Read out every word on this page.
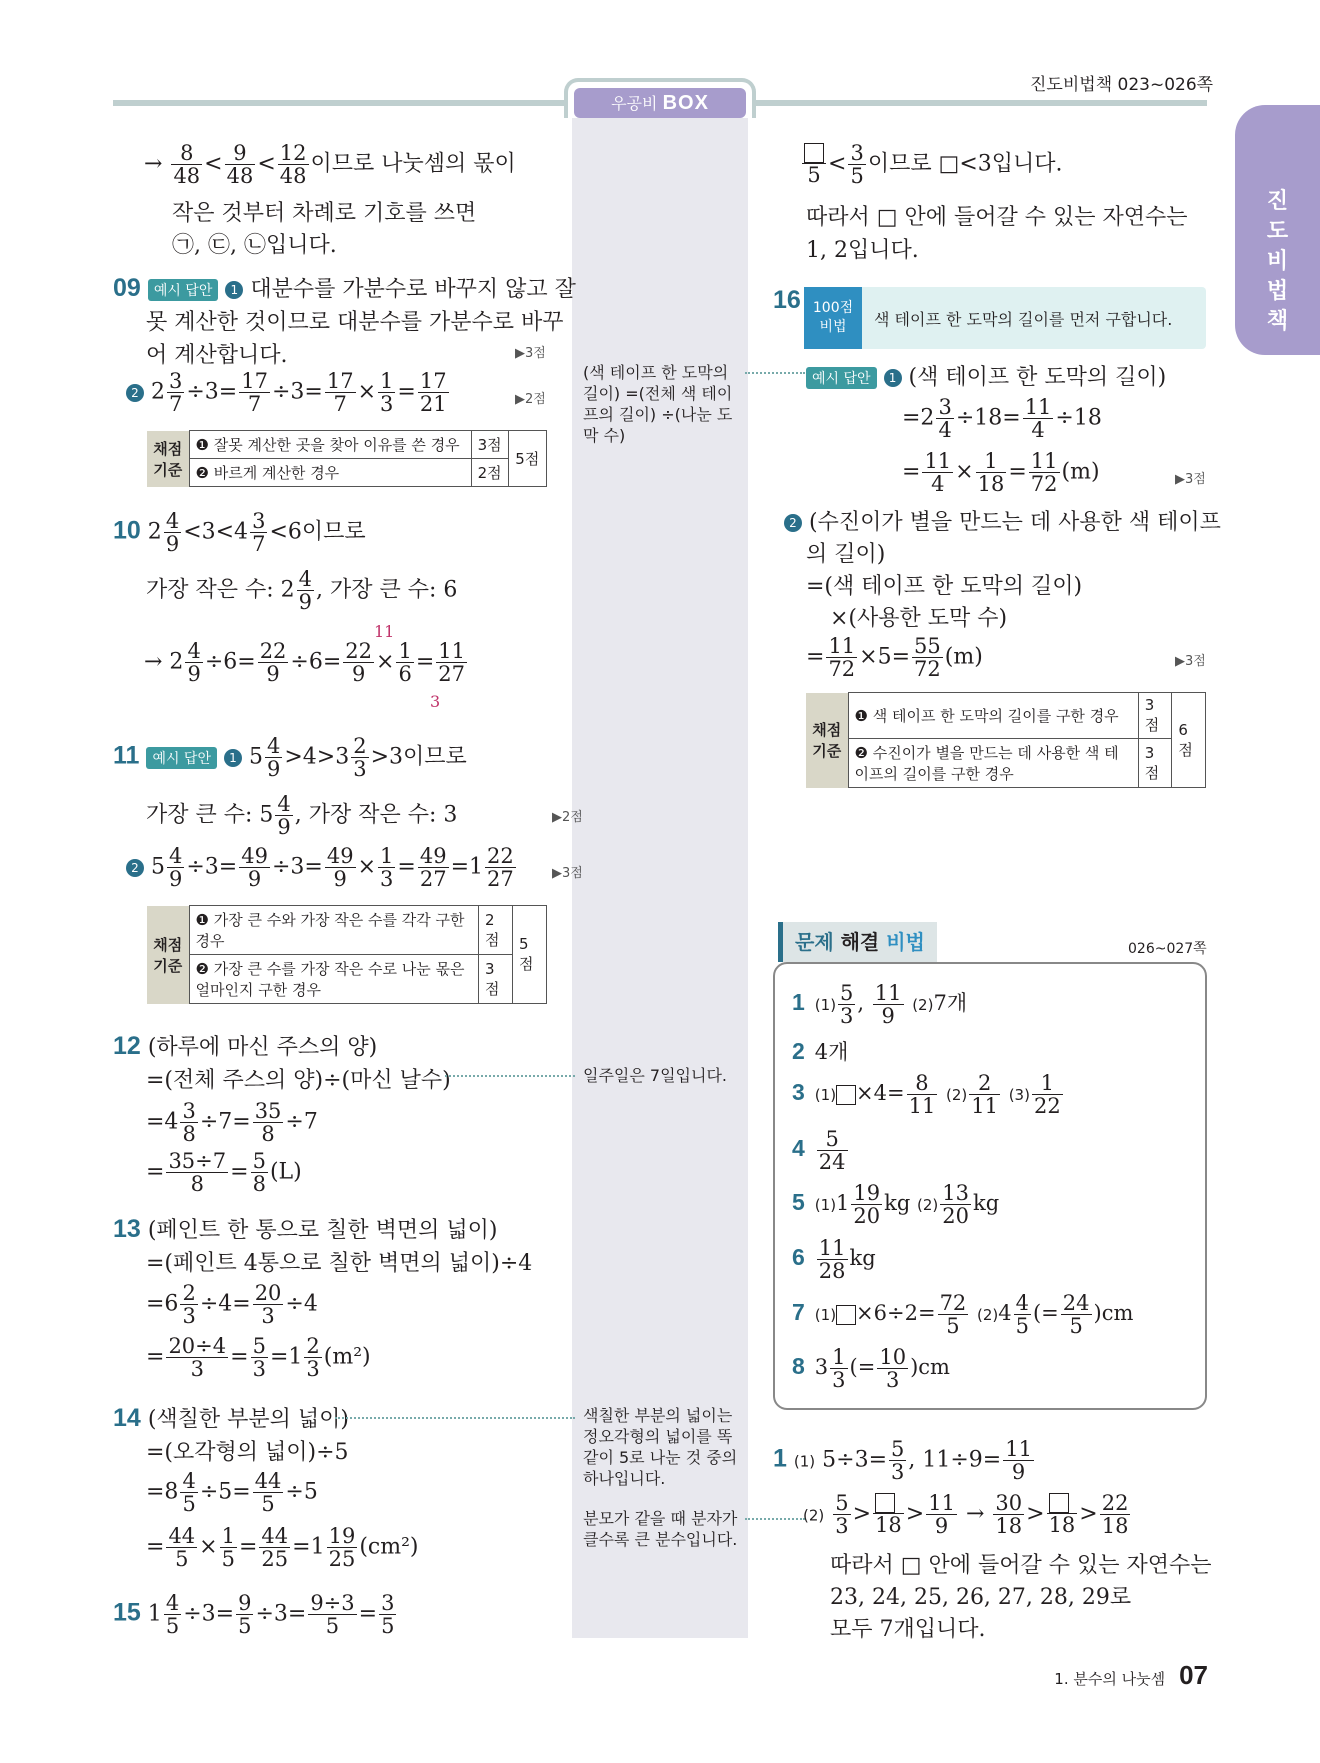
진도비법책 023~026쪽
우공비 BOX
진
도
비
법
책
→ $\frac{8}{48} < \frac{9}{48} < \frac{12}{48}$ 이므로 나눗셈의 몫이
작은 것부터 차례로 기호를 쓰면
㉠, ㉢, ㉡입니다.
09 예시 답안 1 대분수를 가분수로 바꾸지 않고 잘
못 계산한 것이므로 대분수를 가분수로 바꾸
어 계산합니다.	▶3점
2 $2 \frac{3}{7} \div 3= \frac{17}{7} \div 3= \frac{17}{7} \times \frac{1}{3} = \frac{17}{21}$	▶2점
채점 기준	❶ 잘못 계산한 곳을 찾아 이유를 쓴 경우	3점	5점
	❷ 바르게 계산한 경우	2점	
10 $2 \frac{4}{9} <3<4 \frac{3}{7} <6$이므로
가장 작은 수: $2 \frac{4}{9}$ , 가장 큰 수: 6
11
→ $2 \frac{4}{9} \div 6= \frac{22}{9} \div 6= \frac{22}{9} \times \frac{1}{6} = \frac{11}{27}$
3
11 예시 답안 1 $5 \frac{4}{9} >4>3 \frac{2}{3} >3$이므로
가장 큰 수: $5 \frac{4}{9}$ , 가장 작은 수: 3	▶2점
2 $5 \frac{4}{9} \div 3= \frac{49}{9} \div 3= \frac{49}{9} \times \frac{1}{3} = \frac{49}{27} =1 \frac{22}{27}$	▶3점
채점 기준	❶ 가장 큰 수와 가장 작은 수를 각각 구한 경우	2점	5점
	❷ 가장 큰 수를 가장 작은 수로 나눈 몫은 얼마인지 구한 경우	3점	
12 (하루에 마신 주스의 양)
=(전체 주스의 양)÷(마신 날수)
$=4 \frac{3}{8} \div 7= \frac{35}{8} \div 7$
= $\frac{35\div 7}{8} = \frac{5}{8} (L)$
13 (페인트 한 통으로 칠한 벽면의 넓이)
=(페인트 4통으로 칠한 벽면의 넓이)÷4
$=6 \frac{2}{3} \div 4= \frac{20}{3} \div 4$
= $\frac{20\div 4}{3} = \frac{5}{3} =1 \frac{2}{3} (m^2)$
14 (색칠한 부분의 넓이)
=(오각형의 넓이)÷5
$=8 \frac{4}{5} \div 5= \frac{44}{5} \div 5$
= $\frac{44}{5} \times \frac{1}{5} = \frac{44}{25} =1 \frac{19}{25} (cm^2)$
15 $1 \frac{4}{5} \div 3= \frac{9}{5} \div 3= \frac{9\div 3}{5} = \frac{3}{5}$
(색 테이프 한 도막의 길이) =(전체 색 테이프의 길이) ÷(나눈 도막 수)
일주일은 7일입니다.
색칠한 부분의 넓이는 정오각형의 넓이를 똑같이 5로 나눈 것 중의 하나입니다.
분모가 같을 때 분자가 클수록 큰 분수입니다.
$5 < \frac{3}{5}$ 이므로 □<3입니다.
따라서 □ 안에 들어갈 수 있는 자연수는
1, 2입니다.
16 100점 비법	색 테이프 한 도막의 길이를 먼저 구합니다.
예시 답안 1 (색 테이프 한 도막의 길이)
$=2 \frac{3}{4} \div 18= \frac{11}{4} \div 18$
= $\frac{11}{4} \times \frac{1}{18} = \frac{11}{72} (m)$	▶3점
2 (수진이가 별을 만드는 데 사용한 색 테이프
의 길이)
=(색 테이프 한 도막의 길이)
×(사용한 도막 수)
= $\frac{11}{72} \times 5= \frac{55}{72} (m)$	▶3점
채점 기준	❶ 색 테이프 한 도막의 길이를 구한 경우	3점	6점
	❷ 수진이가 별을 만드는 데 사용한 색 테이프의 길이를 구한 경우	3점	
문제 해결 비법	026~027쪽
1 $(1) \frac{5}{3}$ , $\frac{11}{9} (2)7$개
2 4개
3 $(1) \times 4= \frac{8}{11} (2) \frac{2}{11} (3) \frac{1}{22}$
$4 \frac{5}{24}$
5 $(1)1 \frac{19}{20}$ kg $(2) \frac{13}{20}$ kg
$6 \frac{11}{28}$ kg
7 $(1) \times 6\div 2= \frac{72}{5} (2)4 \frac{4}{5}$ (= $\frac{24}{5} )cm$
8 $3 \frac{1}{3}$ (= $\frac{10}{3} )cm$
1 (1) $5\div 3= \frac{5}{3}$ , $11\div 9= \frac{11}{9}$
$(2) \frac{5}{3} > 18 > \frac{11}{9} \to \frac{30}{18} > 18 > \frac{22}{18}$
따라서 □ 안에 들어갈 수 있는 자연수는
23, 24, 25, 26, 27, 28, 29로
모두 7개입니다.
1. 분수의 나눗셈 07
